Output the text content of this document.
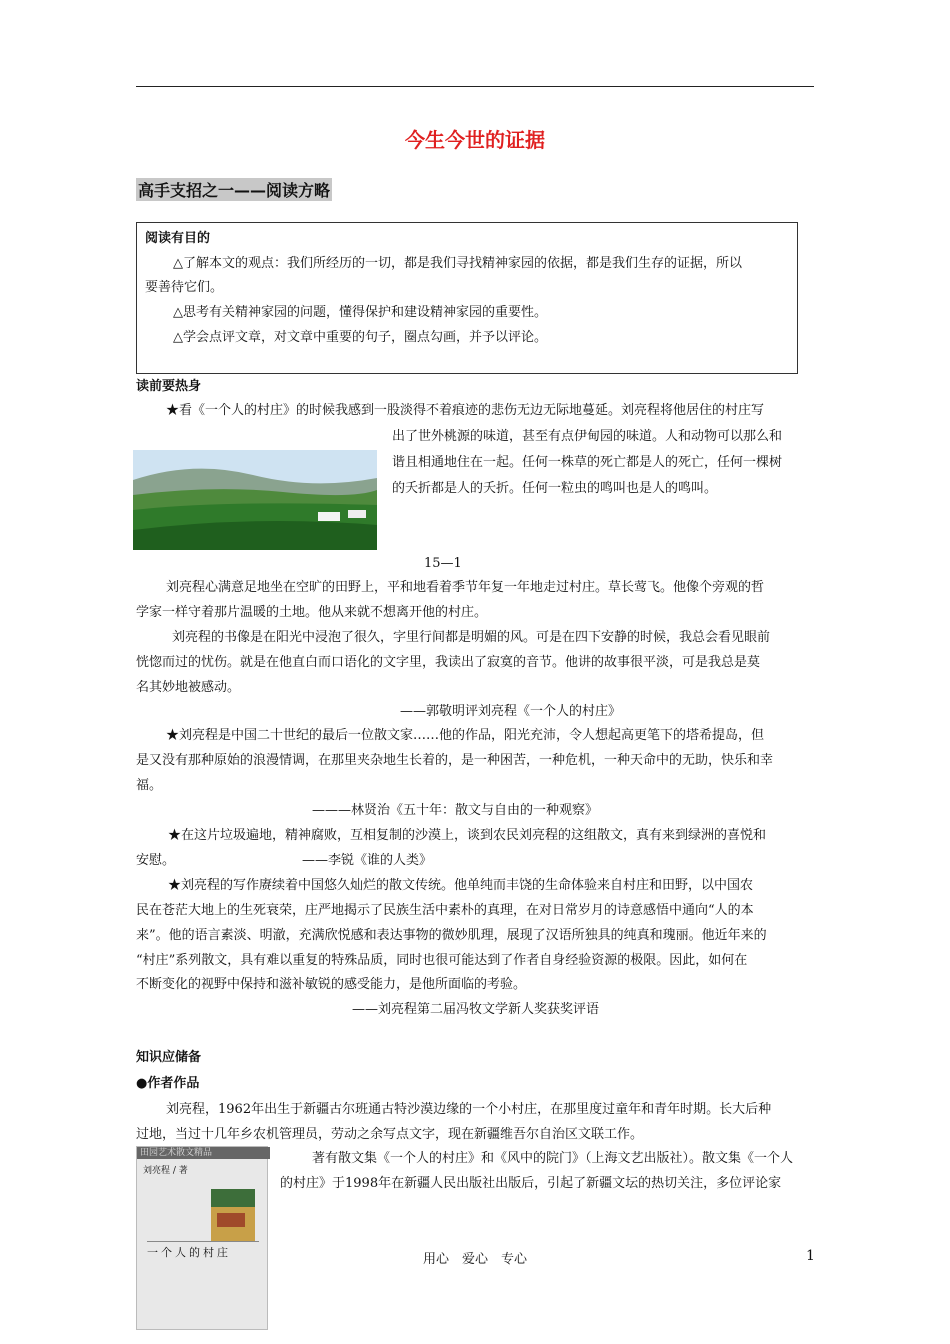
今生今世的证据
高手支招之一——阅读方略
阅读有目的
△了解本文的观点：我们所经历的一切，都是我们寻找精神家园的依据，都是我们生存的证据，所以
要善待它们。
△思考有关精神家园的问题，懂得保护和建设精神家园的重要性。
△学会点评文章，对文章中重要的句子，圈点勾画，并予以评论。
读前要热身
★看《一个人的村庄》的时候我感到一股淡得不着痕迹的悲伤无边无际地蔓延。刘亮程将他居住的村庄写
出了世外桃源的味道，甚至有点伊甸园的味道。人和动物可以那么和
谐且相通地住在一起。任何一株草的死亡都是人的死亡，任何一棵树
的夭折都是人的夭折。任何一粒虫的鸣叫也是人的鸣叫。
15—1
刘亮程心满意足地坐在空旷的田野上，平和地看着季节年复一年地走过村庄。草长莺飞。他像个旁观的哲
学家一样守着那片温暖的土地。他从来就不想离开他的村庄。
刘亮程的书像是在阳光中浸泡了很久，字里行间都是明媚的风。可是在四下安静的时候，我总会看见眼前
恍惚而过的忧伤。就是在他直白而口语化的文字里，我读出了寂寞的音节。他讲的故事很平淡，可是我总是莫
名其妙地被感动。
——郭敬明评刘亮程《一个人的村庄》
★刘亮程是中国二十世纪的最后一位散文家……他的作品，阳光充沛，令人想起高更笔下的塔希提岛，但
是又没有那种原始的浪漫情调，在那里夹杂地生长着的，是一种困苦，一种危机，一种天命中的无助，快乐和幸
福。
———林贤治《五十年：散文与自由的一种观察》
★在这片垃圾遍地，精神腐败，互相复制的沙漠上，谈到农民刘亮程的这组散文，真有来到绿洲的喜悦和
安慰。	——李锐《谁的人类》
★刘亮程的写作赓续着中国悠久灿烂的散文传统。他单纯而丰饶的生命体验来自村庄和田野，以中国农
民在苍茫大地上的生死衰荣，庄严地揭示了民族生活中素朴的真理，在对日常岁月的诗意感悟中通向“人的本
来”。他的语言素淡、明澈，充满欣悦感和表达事物的微妙肌理，展现了汉语所独具的纯真和瑰丽。他近年来的
“村庄”系列散文，具有难以重复的特殊品质，同时也很可能达到了作者自身经验资源的极限。因此，如何在
不断变化的视野中保持和滋补敏锐的感受能力，是他所面临的考验。
——刘亮程第二届冯牧文学新人奖获奖评语
知识应储备
●作者作品
刘亮程，1962年出生于新疆古尔班通古特沙漠边缘的一个小村庄，在那里度过童年和青年时期。长大后种
过地，当过十几年乡农机管理员，劳动之余写点文字，现在新疆维吾尔自治区文联工作。
著有散文集《一个人的村庄》和《风中的院门》（上海文艺出版社）。散文集《一个人
的村庄》于1998年在新疆人民出版社出版后，引起了新疆文坛的热切关注，多位评论家
田园艺术散文精品
刘亮程 / 著
一个人的村庄	用心　爱心　专心	1
